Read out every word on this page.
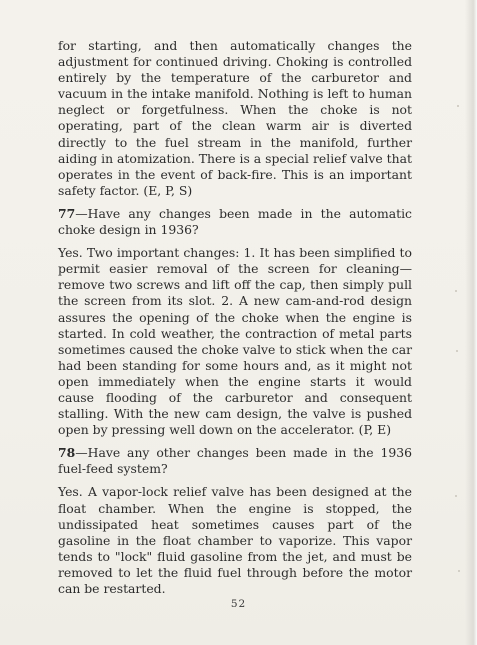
for starting, and then automatically changes the adjustment for continued driving. Choking is controlled entirely by the temperature of the carburetor and vacuum in the intake manifold. Nothing is left to human neglect or forgetfulness. When the choke is not operating, part of the clean warm air is diverted directly to the fuel stream in the manifold, further aiding in atomization. There is a special relief valve that operates in the event of back-fire. This is an important safety factor. (E, P, S)

77—Have any changes been made in the automatic choke design in 1936?

Yes. Two important changes: 1. It has been simplified to permit easier removal of the screen for cleaning—remove two screws and lift off the cap, then simply pull the screen from its slot. 2. A new cam-and-rod design assures the opening of the choke when the engine is started. In cold weather, the contraction of metal parts sometimes caused the choke valve to stick when the car had been standing for some hours and, as it might not open immediately when the engine starts it would cause flooding of the carburetor and consequent stalling. With the new cam design, the valve is pushed open by pressing well down on the accelerator. (P, E)

78—Have any other changes been made in the 1936 fuel-feed system?

Yes. A vapor-lock relief valve has been designed at the float chamber. When the engine is stopped, the undissipated heat sometimes causes part of the gasoline in the float chamber to vaporize. This vapor tends to "lock" fluid gasoline from the jet, and must be removed to let the fluid fuel through before the motor can be restarted.

52
